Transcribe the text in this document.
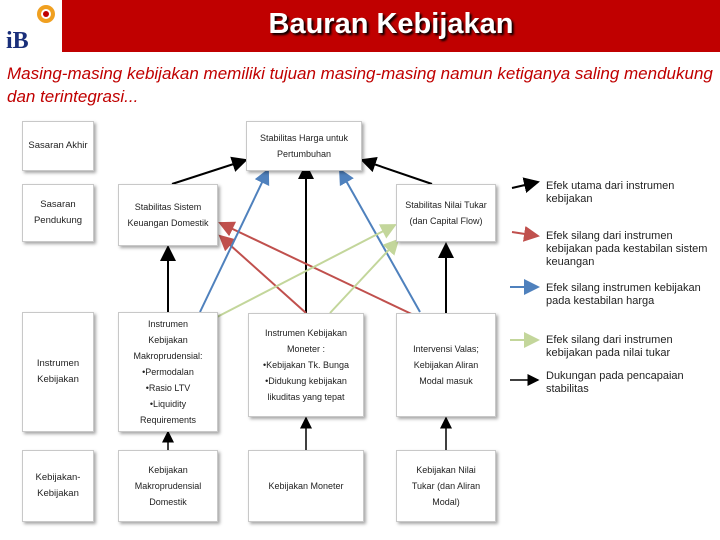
iB
Bauran Kebijakan
Masing-masing kebijakan memiliki tujuan masing-masing namun ketiganya saling mendukung dan terintegrasi...
Sasaran Akhir
Sasaran Pendukung
Instrumen Kebijakan
Kebijakan-Kebijakan
Stabilitas Harga untuk Pertumbuhan
Stabilitas Sistem Keuangan Domestik
Stabilitas Nilai Tukar (dan Capital Flow)
Instrumen
Kebijakan
Makroprudensial:
•Permodalan
•Rasio LTV
•Liquidity
Requirements
Instrumen Kebijakan
Moneter :
•Kebijakan Tk. Bunga
•Didukung kebijakan
likuditas yang tepat
Intervensi Valas;
Kebijakan Aliran
Modal masuk
Kebijakan
Makroprudensial
Domestik
Kebijakan Moneter
Kebijakan Nilai
Tukar (dan Aliran
Modal)
Efek utama dari instrumen kebijakan
Efek silang dari instrumen kebijakan pada kestabilan sistem keuangan
Efek silang instrumen kebijakan pada kestabilan harga
Efek silang dari instrumen kebijakan pada nilai tukar
Dukungan pada pencapaian stabilitas
